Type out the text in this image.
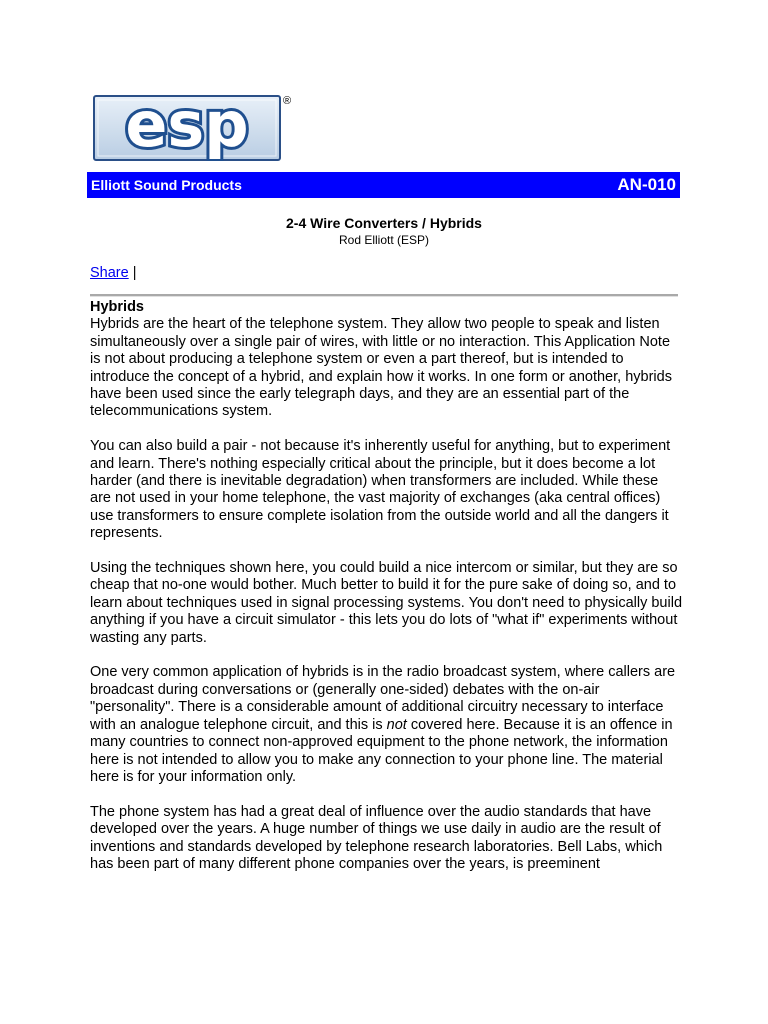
esp	®
Elliott Sound Products	AN-010
2-4 Wire Converters / Hybrids
Rod Elliott (ESP)
Share |
Hybrids

Hybrids are the heart of the telephone system. They allow two people to speak and listen simultaneously over a single pair of wires, with little or no interaction. This Application Note is not about producing a telephone system or even a part thereof, but is intended to introduce the concept of a hybrid, and explain how it works. In one form or another, hybrids have been used since the early telegraph days, and they are an essential part of the telecommunications system.

You can also build a pair - not because it's inherently useful for anything, but to experiment and learn. There's nothing especially critical about the principle, but it does become a lot harder (and there is inevitable degradation) when transformers are included. While these are not used in your home telephone, the vast majority of exchanges (aka central offices) use transformers to ensure complete isolation from the outside world and all the dangers it represents.

Using the techniques shown here, you could build a nice intercom or similar, but they are so cheap that no-one would bother. Much better to build it for the pure sake of doing so, and to learn about techniques used in signal processing systems. You don't need to physically build anything if you have a circuit simulator - this lets you do lots of "what if" experiments without wasting any parts.

One very common application of hybrids is in the radio broadcast system, where callers are broadcast during conversations or (generally one-sided) debates with the on-air "personality". There is a considerable amount of additional circuitry necessary to interface with an analogue telephone circuit, and this is not covered here. Because it is an offence in many countries to connect non-approved equipment to the phone network, the information here is not intended to allow you to make any connection to your phone line. The material here is for your information only.

The phone system has had a great deal of influence over the audio standards that have developed over the years. A huge number of things we use daily in audio are the result of inventions and standards developed by telephone research laboratories. Bell Labs, which has been part of many different phone companies over the years, is preeminent
